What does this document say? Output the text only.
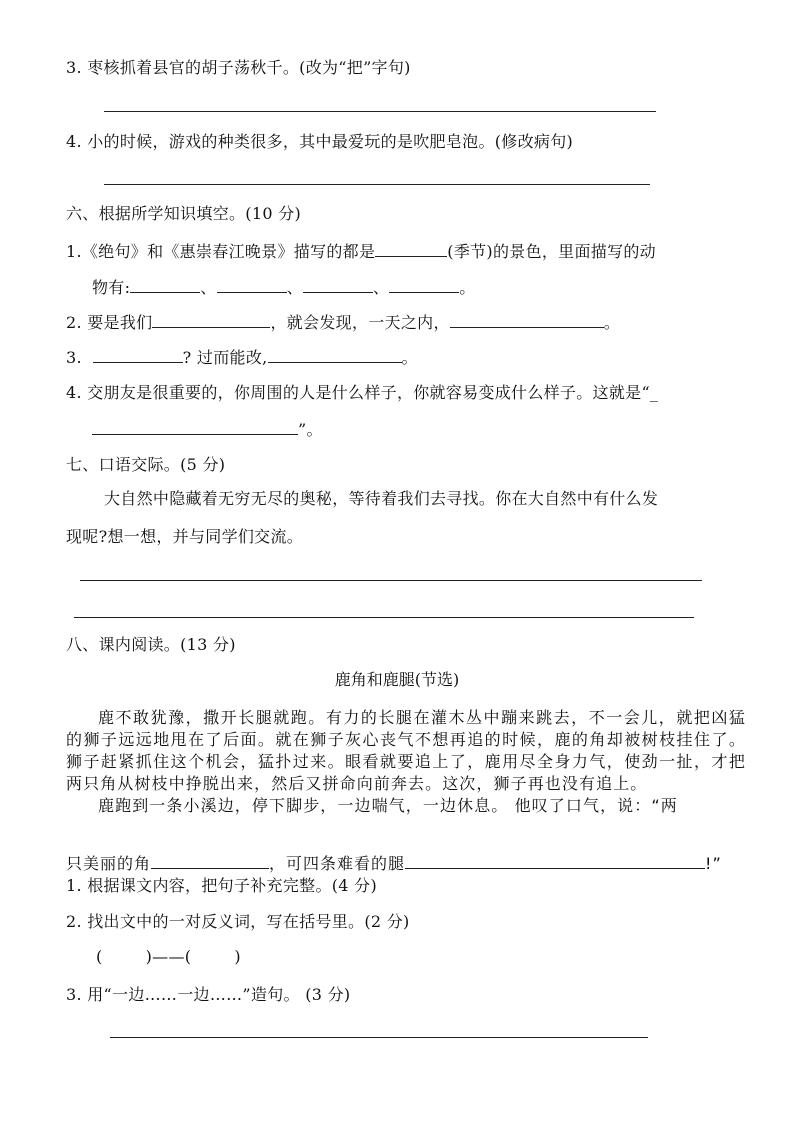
3. 枣核抓着县官的胡子荡秋千。(改为“把”字句)
4. 小的时候，游戏的种类很多，其中最爱玩的是吹肥皂泡。(修改病句)
六、根据所学知识填空。(10 分)
1.《绝句》和《惠崇春江晚景》描写的都是	(季节)的景色，里面描写的动
物有:	、	、	、	。
2. 要是我们	，就会发现，一天之内，	。
3.	? 过而能改,	。
4. 交朋友是很重要的，你周围的人是什么样子，你就容易变成什么样子。这就是“_
”。
七、口语交际。(5 分)
大自然中隐藏着无穷无尽的奥秘，等待着我们去寻找。你在大自然中有什么发
现呢?想一想，并与同学们交流。
八、课内阅读。(13 分)
鹿角和鹿腿(节选)

鹿不敢犹豫，撒开长腿就跑。有力的长腿在灌木丛中蹦来跳去，不一会儿，就把凶猛的狮子远远地甩在了后面。就在狮子灰心丧气不想再追的时候，鹿的角却被树枝挂住了。狮子赶紧抓住这个机会，猛扑过来。眼看就要追上了，鹿用尽全身力气，使劲一扯，才把两只角从树枝中挣脱出来，然后又拼命向前奔去。这次，狮子再也没有追上。

鹿跑到一条小溪边，停下脚步，一边喘气，一边休息。 他叹了口气，说：“两

只美丽的角	，可四条难看的腿	!”
1. 根据课文内容，把句子补充完整。(4 分)
2. 找出文中的一对反义词，写在括号里。(2 分)
(        )——(        )
3. 用“一边……一边……”造句。 (3 分)
